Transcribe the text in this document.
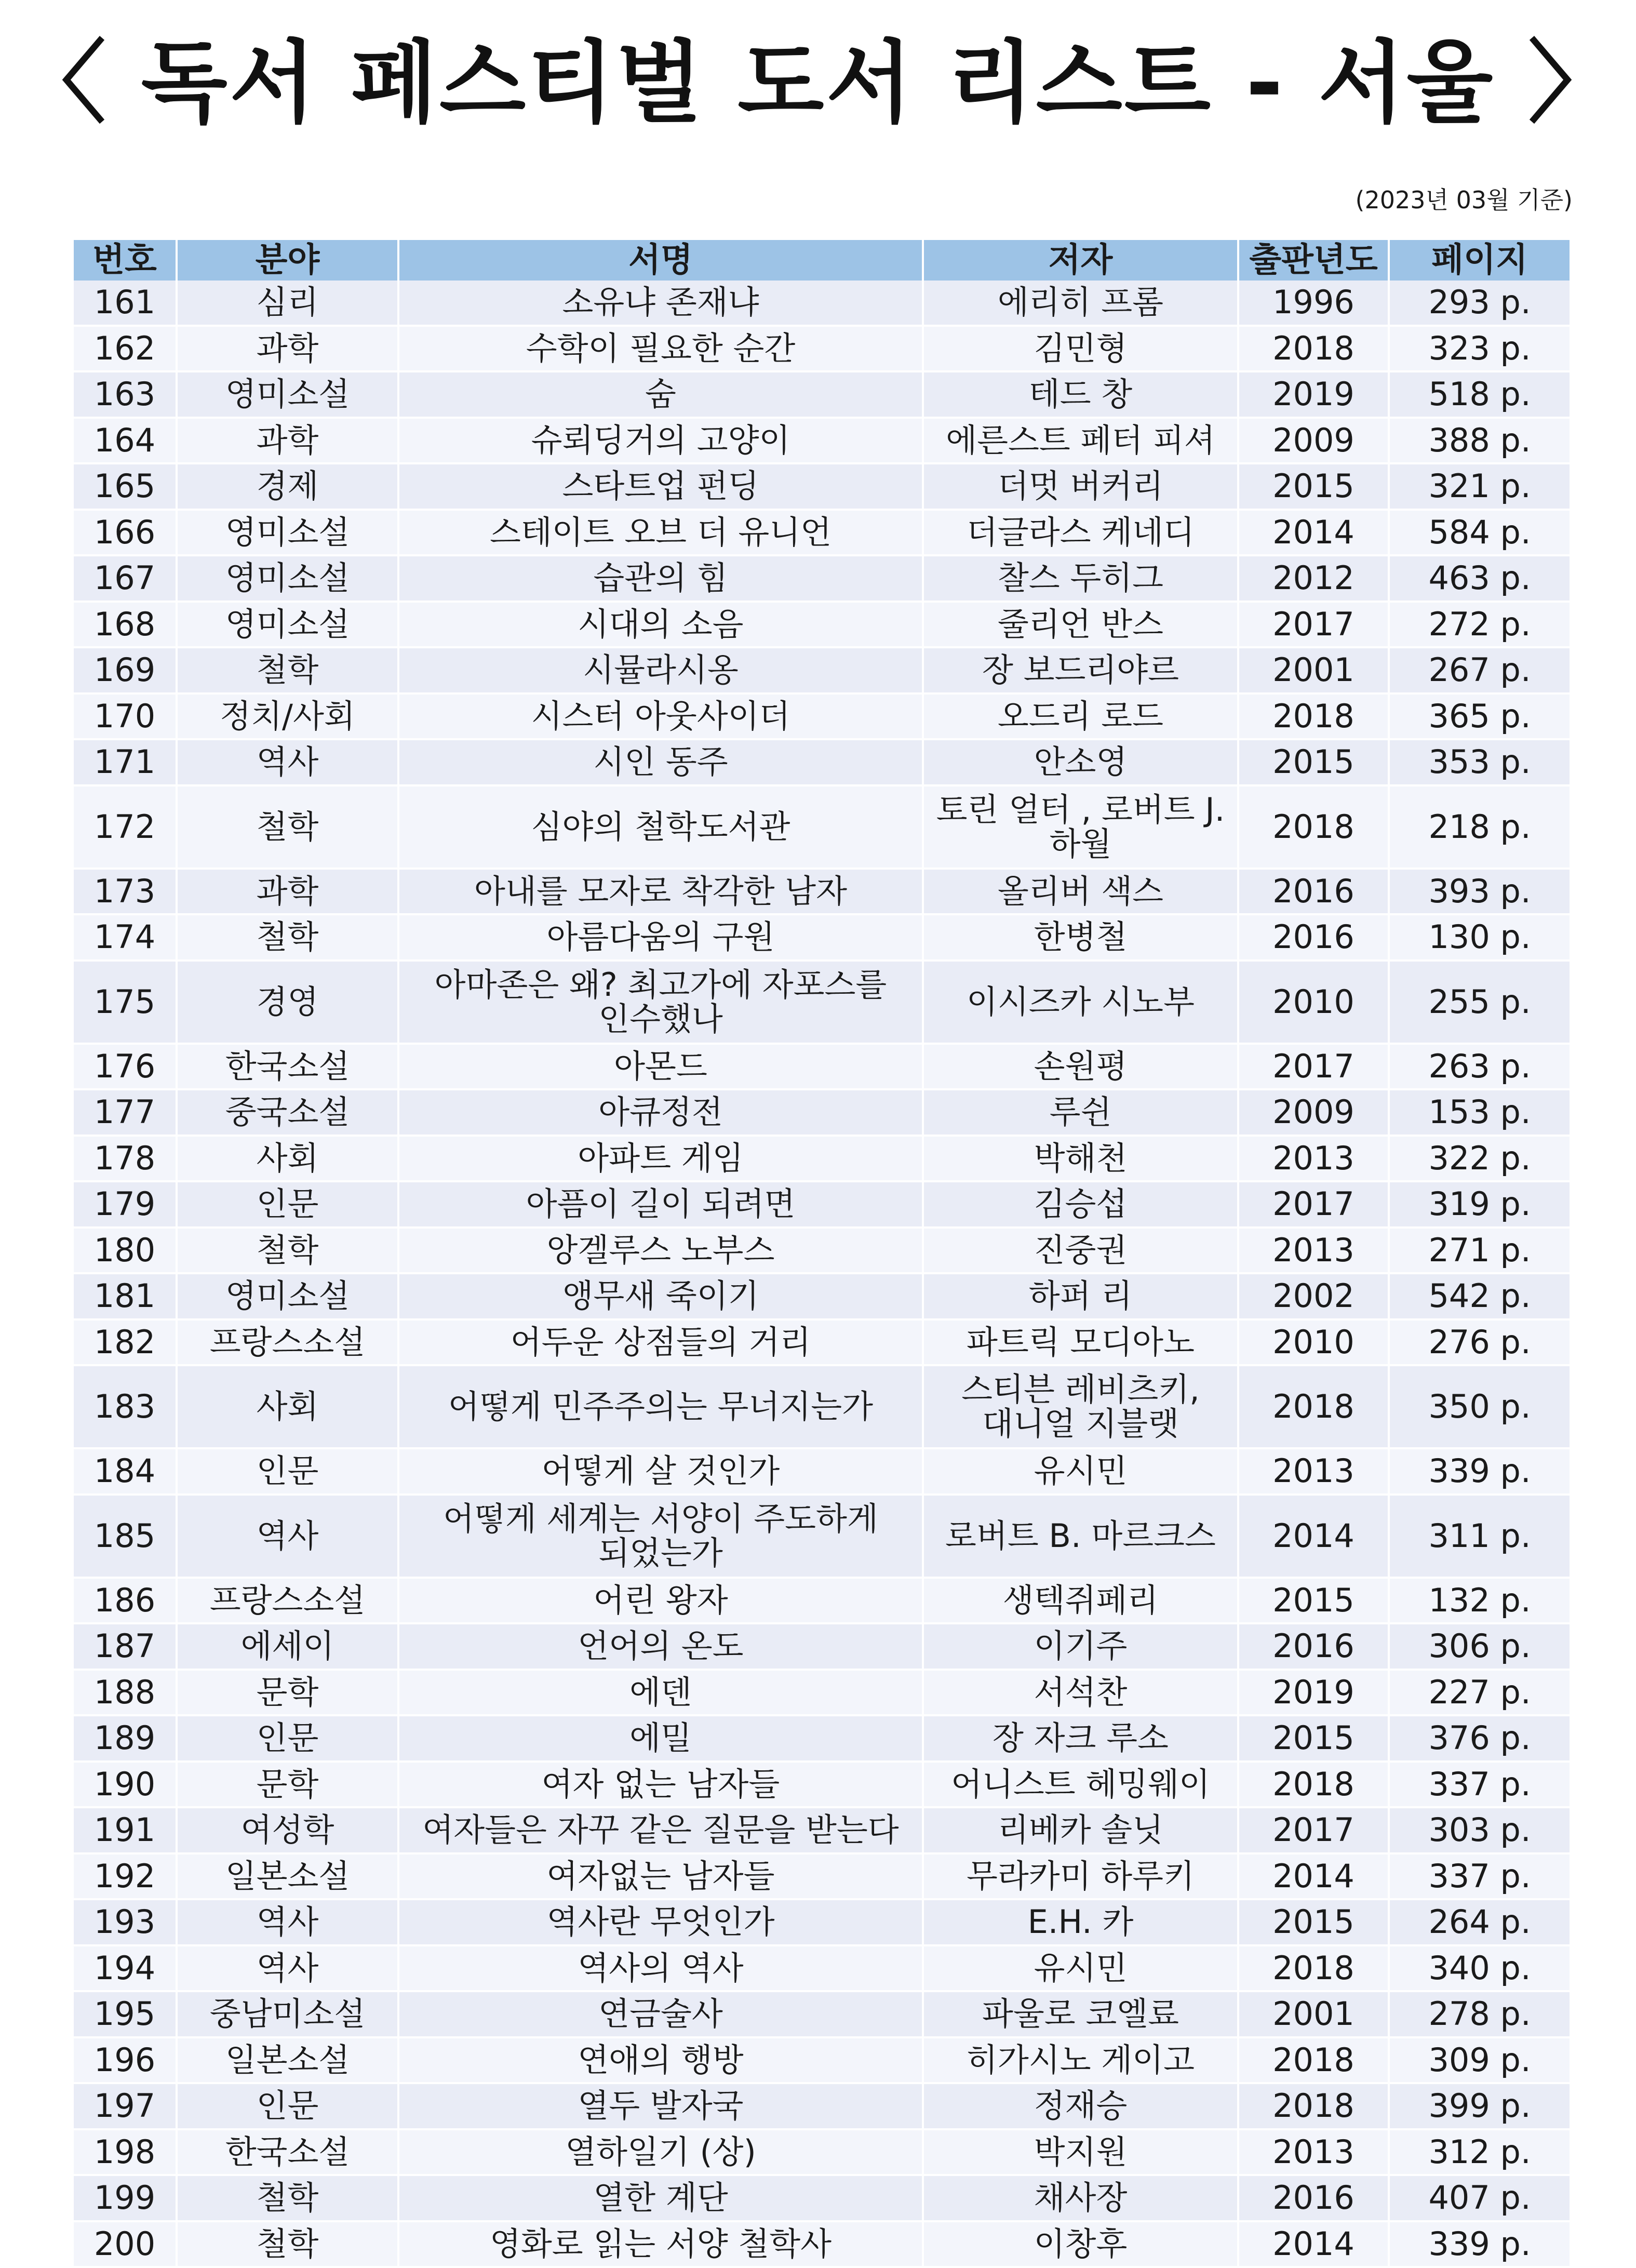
〈 독서 페스티벌 도서 리스트 - 서울 〉
(2023년 03월 기준)
번호	분야	서명	저자	출판년도	페이지
161	심리	소유냐 존재냐	에리히 프롬	1996	293 p.
162	과학	수학이 필요한 순간	김민형	2018	323 p.
163	영미소설	숨	테드 창	2019	518 p.
164	과학	슈뢰딩거의 고양이	에른스트 페터 피셔	2009	388 p.
165	경제	스타트업 펀딩	더멋 버커리	2015	321 p.
166	영미소설	스테이트 오브 더 유니언	더글라스 케네디	2014	584 p.
167	영미소설	습관의 힘	찰스 두히그	2012	463 p.
168	영미소설	시대의 소음	줄리언 반스	2017	272 p.
169	철학	시뮬라시옹	장 보드리야르	2001	267 p.
170	정치/사회	시스터 아웃사이더	오드리 로드	2018	365 p.
171	역사	시인 동주	안소영	2015	353 p.
172	철학	심야의 철학도서관	토린 얼터 , 로버트 J. 하월	2018	218 p.
173	과학	아내를 모자로 착각한 남자	올리버 색스	2016	393 p.
174	철학	아름다움의 구원	한병철	2016	130 p.
175	경영	아마존은 왜? 최고가에 자포스를 인수했나	이시즈카 시노부	2010	255 p.
176	한국소설	아몬드	손원평	2017	263 p.
177	중국소설	아큐정전	루쉰	2009	153 p.
178	사회	아파트 게임	박해천	2013	322 p.
179	인문	아픔이 길이 되려면	김승섭	2017	319 p.
180	철학	앙겔루스 노부스	진중권	2013	271 p.
181	영미소설	앵무새 죽이기	하퍼 리	2002	542 p.
182	프랑스소설	어두운 상점들의 거리	파트릭 모디아노	2010	276 p.
183	사회	어떻게 민주주의는 무너지는가	스티븐 레비츠키, 대니얼 지블랫	2018	350 p.
184	인문	어떻게 살 것인가	유시민	2013	339 p.
185	역사	어떻게 세계는 서양이 주도하게 되었는가	로버트 B. 마르크스	2014	311 p.
186	프랑스소설	어린 왕자	생텍쥐페리	2015	132 p.
187	에세이	언어의 온도	이기주	2016	306 p.
188	문학	에덴	서석찬	2019	227 p.
189	인문	에밀	장 자크 루소	2015	376 p.
190	문학	여자 없는 남자들	어니스트 헤밍웨이	2018	337 p.
191	여성학	여자들은 자꾸 같은 질문을 받는다	리베카 솔닛	2017	303 p.
192	일본소설	여자없는 남자들	무라카미 하루키	2014	337 p.
193	역사	역사란 무엇인가	E.H. 카	2015	264 p.
194	역사	역사의 역사	유시민	2018	340 p.
195	중남미소설	연금술사	파울로 코엘료	2001	278 p.
196	일본소설	연애의 행방	히가시노 게이고	2018	309 p.
197	인문	열두 발자국	정재승	2018	399 p.
198	한국소설	열하일기 (상)	박지원	2013	312 p.
199	철학	열한 계단	채사장	2016	407 p.
200	철학	영화로 읽는 서양 철학사	이창후	2014	339 p.
